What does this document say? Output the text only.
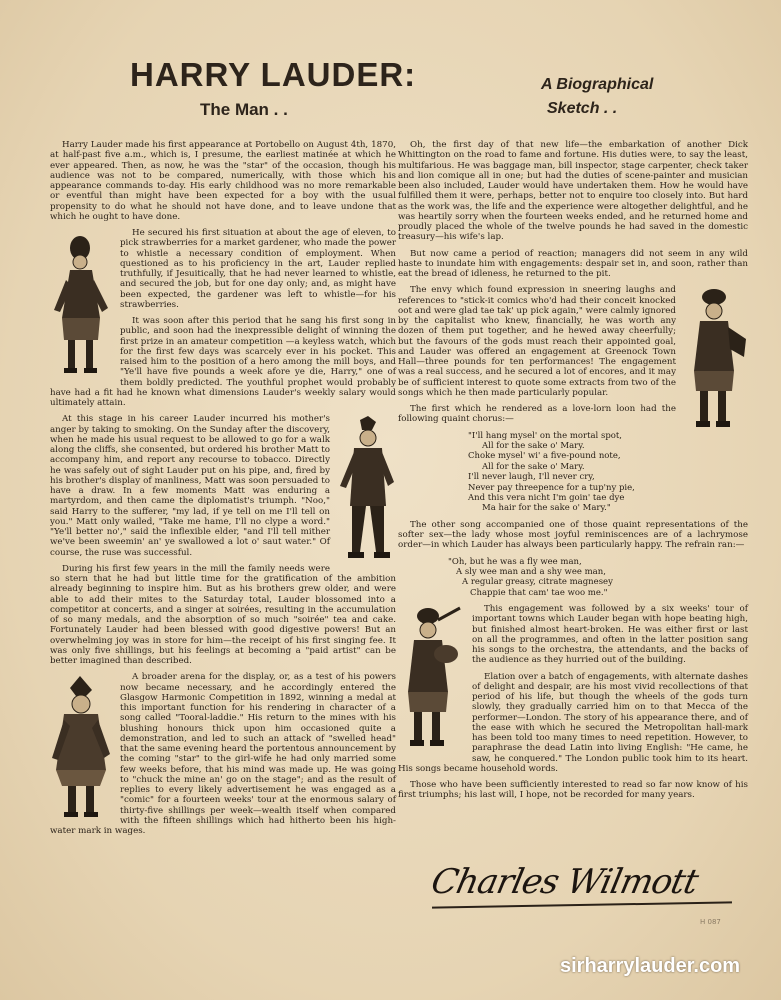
HARRY LAUDER:
The Man . .
A Biographical
Sketch . .

Harry Lauder made his first appearance at Portobello on August 4th, 1870, at half-past five a.m., which is, I presume, the earliest matinée at which he ever appeared. Then, as now, he was the "star" of the occasion, though his audience was not to be compared, numerically, with those which his appearance commands to-day. His early childhood was no more remarkable or eventful than might have been expected for a boy with the usual propensity to do what he should not have done, and to leave undone that which he ought to have done.

He secured his first situation at about the age of eleven, to pick strawberries for a market gardener, who made the power to whistle a necessary condition of employment. When questioned as to his proficiency in the art, Lauder replied truthfully, if Jesuitically, that he had never learned to whistle, and secured the job, but for one day only; and, as might have been expected, the gardener was left to whistle—for his strawberries.

It was soon after this period that he sang his first song in public, and soon had the inexpressible delight of winning the first prize in an amateur competition —a keyless watch, which for the first few days was scarcely ever in his pocket. This raised him to the position of a hero among the mill boys, and "Ye'll have five pounds a week afore ye die, Harry," one of them boldly predicted. The youthful prophet would probably have had a fit had he known what dimensions Lauder's weekly salary would ultimately attain.

At this stage in his career Lauder incurred his mother's anger by taking to smoking. On the Sunday after the discovery, when he made his usual request to be allowed to go for a walk along the cliffs, she consented, but ordered his brother Matt to accompany him, and report any recourse to tobacco. Directly he was safely out of sight Lauder put on his pipe, and, fired by his brother's display of manliness, Matt was soon persuaded to have a draw. In a few moments Matt was enduring a martyrdom, and then came the diplomatist's triumph. "Noo," said Harry to the sufferer, "my lad, if ye tell on me I'll tell on you." Matt only wailed, "Take me hame, I'll no clype a word." "Ye'll better no'," said the inflexible elder, "and I'll tell mither we've been sweemin' an' ye swallowed a lot o' saut water." Of course, the ruse was successful.

During his first few years in the mill the family needs were so stern that he had but little time for the gratification of the ambition already beginning to inspire him. But as his brothers grew older, and were able to add their mites to the Saturday total, Lauder blossomed into a competitor at concerts, and a singer at soirées, resulting in the accumulation of so many medals, and the absorption of so much "soirée" tea and cake. Fortunately Lauder had been blessed with good digestive powers! But an overwhelming joy was in store for him—the receipt of his first singing fee. It was only five shillings, but his feelings at becoming a "paid artist" can be better imagined than described.

A broader arena for the display, or, as a test of his powers now became necessary, and he accordingly entered the Glasgow Harmonic Competition in 1892, winning a medal at this important function for his rendering in character of a song called "Tooral-laddie." His return to the mines with his blushing honours thick upon him occasioned quite a demonstration, and led to such an attack of "swelled head" that the same evening heard the portentous announcement by the coming "star" to the girl-wife he had only married some few weeks before, that his mind was made up. He was going to "chuck the mine an' go on the stage"; and as the result of replies to every likely advertisement he was engaged as a "comic" for a fourteen weeks' tour at the enormous salary of thirty-five shillings per week—wealth itself when compared with the fifteen shillings which had hitherto been his high-water mark in wages.

Oh, the first day of that new life—the embarkation of another Dick Whittington on the road to fame and fortune. His duties were, to say the least, multifarious. He was baggage man, bill inspector, stage carpenter, check taker and lion comique all in one; but had the duties of scene-painter and musician been also included, Lauder would have undertaken them. How he would have fulfilled them it were, perhaps, better not to enquire too closely into. But hard as the work was, the life and the experience were altogether delightful, and he was heartily sorry when the fourteen weeks ended, and he returned home and proudly placed the whole of the twelve pounds he had saved in the domestic treasury—his wife's lap.

But now came a period of reaction; managers did not seem in any wild haste to inundate him with engagements: despair set in, and soon, rather than eat the bread of idleness, he returned to the pit.

The envy which found expression in sneering laughs and references to "stick-it comics who'd had their conceit knocked oot and were glad tae tak' up pick again," were calmly ignored by the capitalist who knew, financially, he was worth any dozen of them put together, and he hewed away cheerfully; but the favours of the gods must reach their appointed goal, and Lauder was offered an engagement at Greenock Town Hall—three pounds for ten performances! The engagement was a real success, and he secured a lot of encores, and it may be of sufficient interest to quote some extracts from two of the songs which he then made particularly popular.

The first which he rendered as a love-lorn loon had the following quaint chorus:—

"I'll hang mysel' on the mortal spot,
All for the sake o' Mary.
Choke mysel' wi' a five-pound note,
All for the sake o' Mary.
I'll never laugh, I'll never cry,
Never pay threepence for a tup'ny pie,
And this vera nicht I'm goin' tae dye
Ma hair for the sake o' Mary."

The other song accompanied one of those quaint representations of the softer sex—the lady whose most joyful reminiscences are of a lachrymose order—in which Lauder has always been particularly happy. The refrain ran:—

"Oh, but he was a fly wee man,
A sly wee man and a shy wee man,
A regular greasy, citrate magnesey
Chappie that cam' tae woo me."

This engagement was followed by a six weeks' tour of important towns which Lauder began with hope beating high, but finished almost heart-broken. He was either first or last on all the programmes, and often in the latter position sang his songs to the orchestra, the attendants, and the backs of the audience as they hurried out of the building.

Elation over a batch of engagements, with alternate dashes of delight and despair, are his most vivid recollections of that period of his life, but though the wheels of the gods turn slowly, they gradually carried him on to that Mecca of the performer—London. The story of his appearance there, and of the ease with which he secured the Metropolitan hall-mark has been told too many times to need repetition. However, to paraphrase the dead Latin into living English: "He came, he saw, he conquered." The London public took him to its heart. His songs became household words.

Those who have been sufficiently interested to read so far now know of his first triumphs; his last will, I hope, not be recorded for many years.

Charles Wilmott
H 087
sirharrylauder.com
